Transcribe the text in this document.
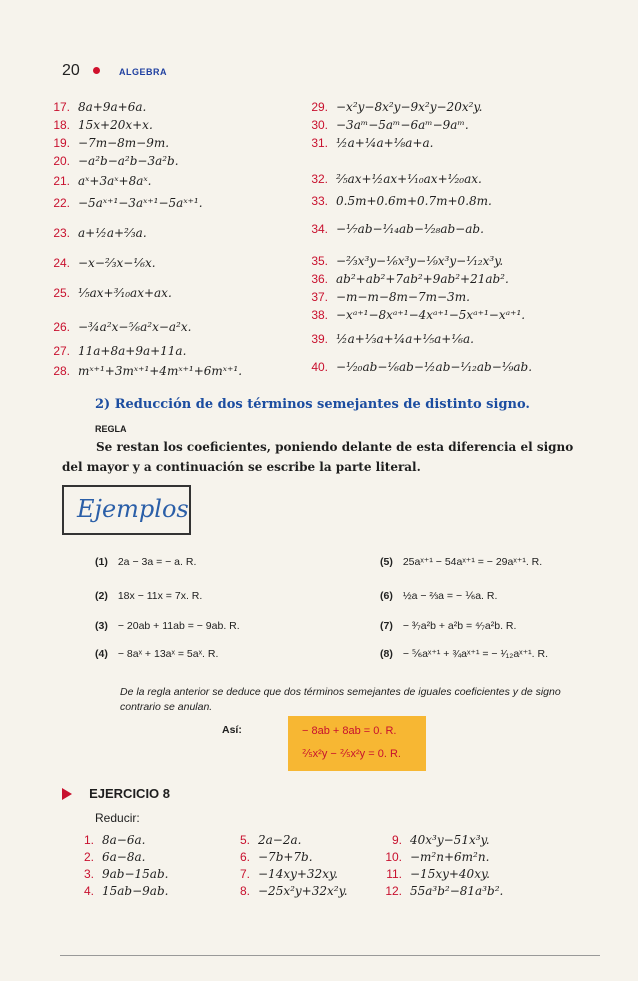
20	ALGEBRA
17. 8a+9a+6a.
18. 15x+20x+x.
19. −7m−8m−9m.
20. −a²b−a²b−3a²b.
21. aˣ+3aˣ+8aˣ.
22. −5aˣ⁺¹−3aˣ⁺¹−5aˣ⁺¹.
23. a+½a+⅔a.
24. −x−⅔x−⅙x.
25. ⅕ax+³⁄₁₀ax+ax.
26. −¾a²x−⅚a²x−a²x.
27. 11a+8a+9a+11a.
28. mˣ⁺¹+3mˣ⁺¹+4mˣ⁺¹+6mˣ⁺¹.
29. −x²y−8x²y−9x²y−20x²y.
30. −3aᵐ−5aᵐ−6aᵐ−9aᵐ.
31. ½a+¼a+⅛a+a.
32. ⅖ax+½ax+¹⁄₁₀ax+¹⁄₂₀ax.
33. 0.5m+0.6m+0.7m+0.8m.
34. −⅐ab−¹⁄₁₄ab−¹⁄₂₈ab−ab.
35. −⅔x³y−⅙x³y−⅑x³y−¹⁄₁₂x³y.
36. ab²+ab²+7ab²+9ab²+21ab².
37. −m−m−8m−7m−3m.
38. −xᵃ⁺¹−8xᵃ⁺¹−4xᵃ⁺¹−5xᵃ⁺¹−xᵃ⁺¹.
39. ½a+⅓a+¼a+⅕a+⅙a.
40. −¹⁄₂₀ab−⅙ab−½ab−¹⁄₁₂ab−⅑ab.
2) Reducción de dos términos semejantes de distinto signo.
REGLA
Se restan los coeficientes, poniendo delante de esta diferencia el signo del mayor y a continuación se escribe la parte literal.
Ejemplos
(1) 2a − 3a = − a. R.
(2) 18x − 11x = 7x. R.
(3) − 20ab + 11ab = − 9ab. R.
(4) − 8aˣ + 13aˣ = 5aˣ. R.
(5) 25aˣ⁺¹ − 54aˣ⁺¹ = − 29aˣ⁺¹. R.
(6) ½a − ⅔a = − ⅙a. R.
(7) − ³⁄₇a²b + a²b = ⁴⁄₇a²b. R.
(8) − ⅚aˣ⁺¹ + ¾aˣ⁺¹ = − ¹⁄₁₂aˣ⁺¹. R.
De la regla anterior se deduce que dos términos semejantes de iguales coeficientes y de signo contrario se anulan.
Así:	− 8ab + 8ab = 0. R.
⅖x²y − ⅖x²y = 0. R.
EJERCICIO 8
Reducir:
1. 8a−6a.
2. 6a−8a.
3. 9ab−15ab.
4. 15ab−9ab.
5. 2a−2a.
6. −7b+7b.
7. −14xy+32xy.
8. −25x²y+32x²y.
9. 40x³y−51x³y.
10. −m²n+6m²n.
11. −15xy+40xy.
12. 55a³b²−81a³b².
